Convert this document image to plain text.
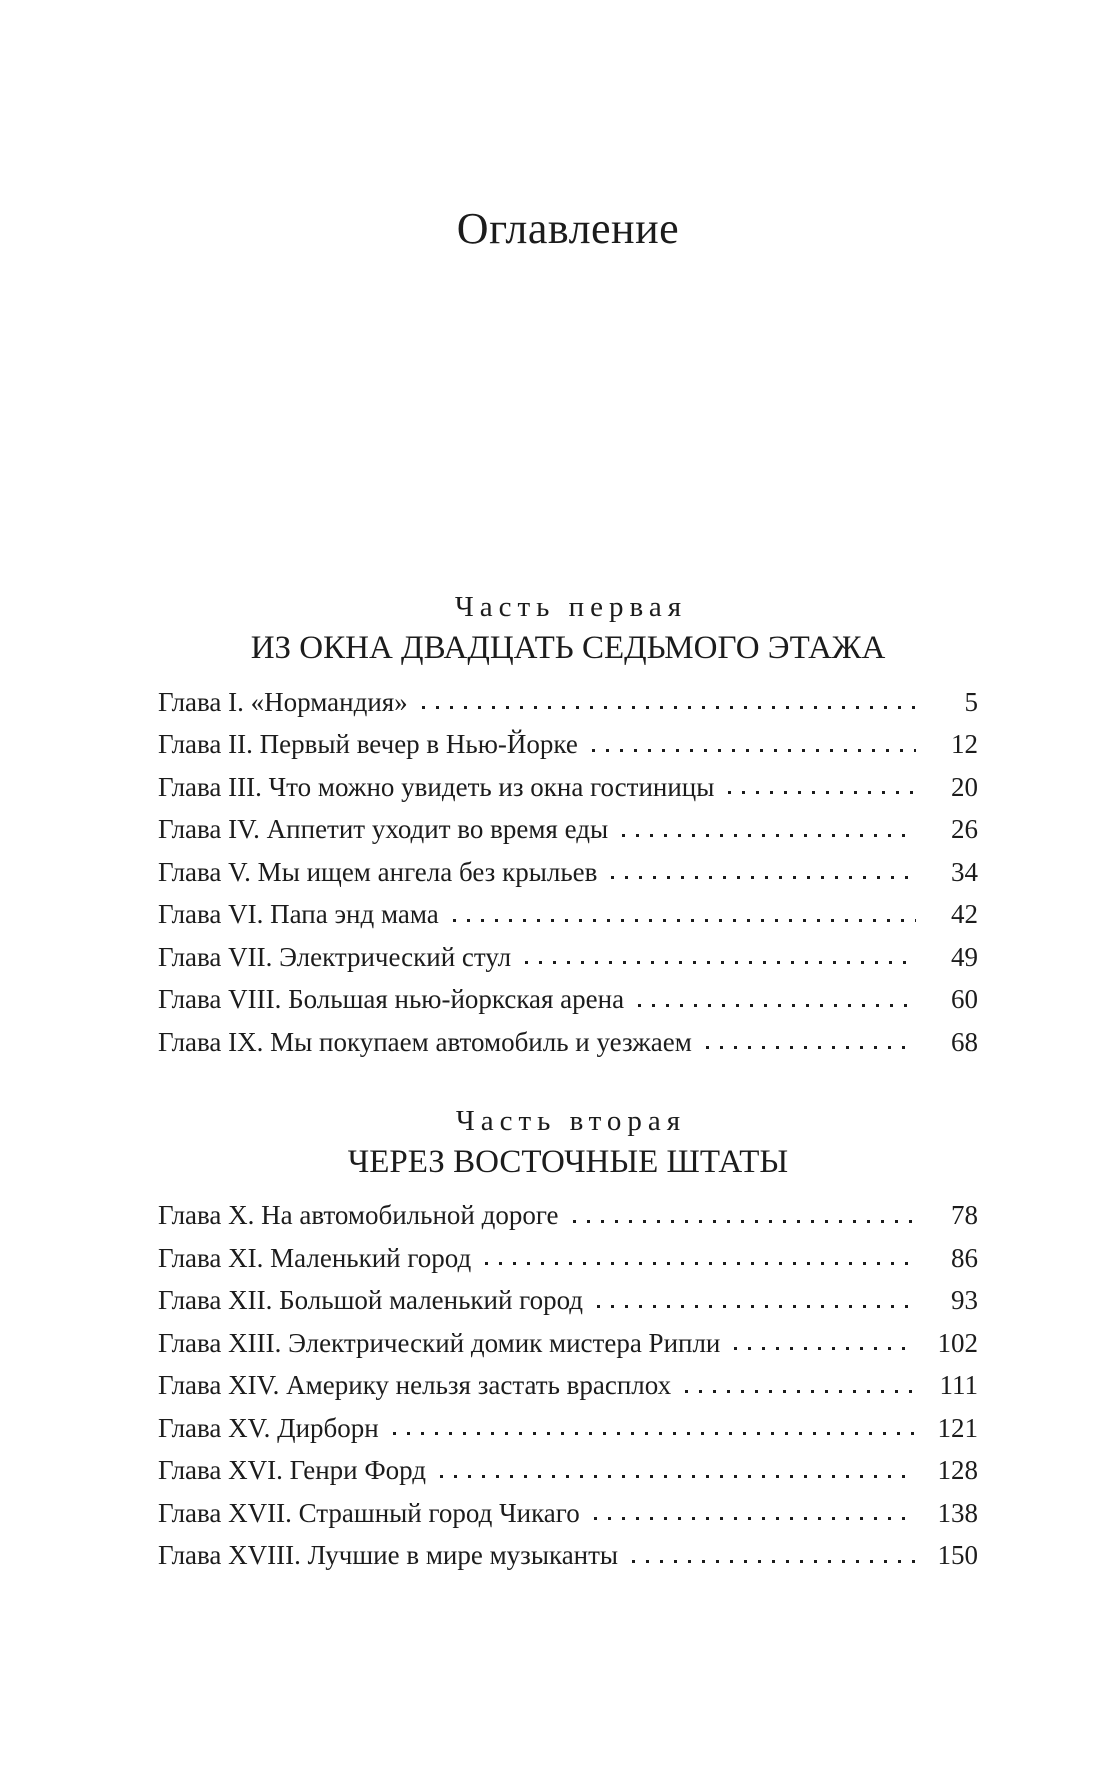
Оглавление
Часть первая
ИЗ ОКНА ДВАДЦАТЬ СЕДЬМОГО ЭТАЖА
Глава I. «Нормандия»	5
Глава II. Первый вечер в Нью-Йорке	12
Глава III. Что можно увидеть из окна гостиницы	20
Глава IV. Аппетит уходит во время еды	26
Глава V. Мы ищем ангела без крыльев	34
Глава VI. Папа энд мама	42
Глава VII. Электрический стул	49
Глава VIII. Большая нью-йоркская арена	60
Глава IX. Мы покупаем автомобиль и уезжаем	68
Часть вторая
ЧЕРЕЗ ВОСТОЧНЫЕ ШТАТЫ
Глава X. На автомобильной дороге	78
Глава XI. Маленький город	86
Глава XII. Большой маленький город	93
Глава XIII. Электрический домик мистера Рипли	102
Глава XIV. Америку нельзя застать врасплох	111
Глава XV. Дирборн	121
Глава XVI. Генри Форд	128
Глава XVII. Страшный город Чикаго	138
Глава XVIII. Лучшие в мире музыканты	150
